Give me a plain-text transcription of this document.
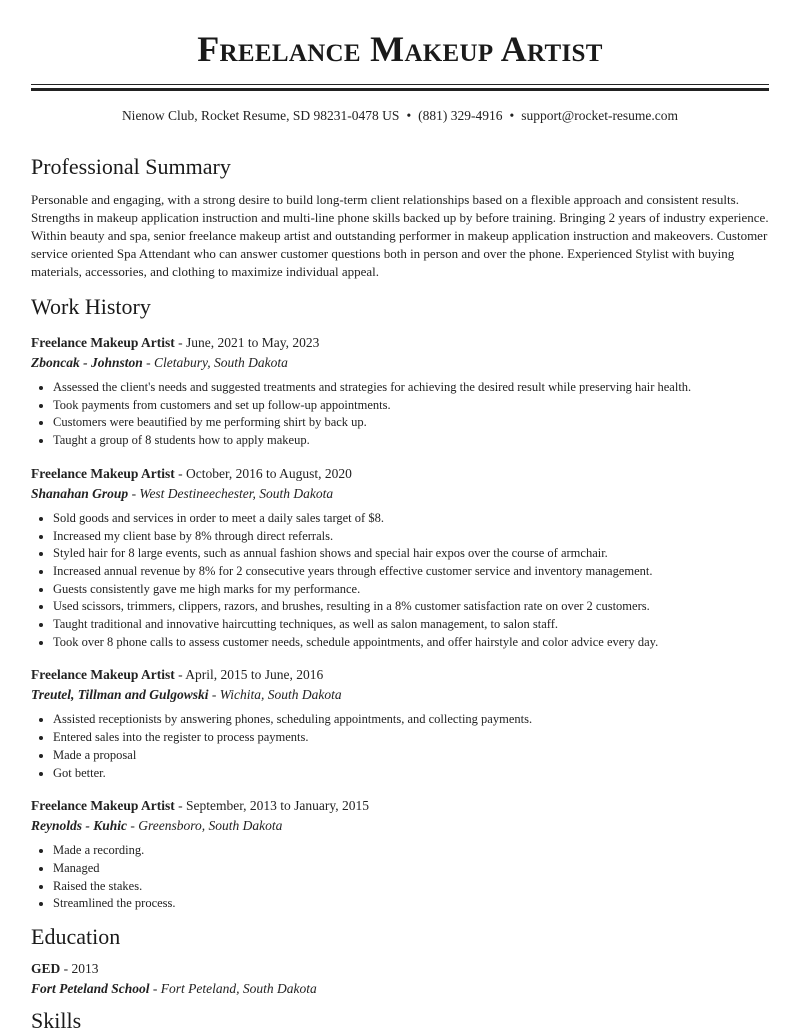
Freelance Makeup Artist
Nienow Club, Rocket Resume, SD 98231-0478 US • (881) 329-4916 • support@rocket-resume.com
Professional Summary

Personable and engaging, with a strong desire to build long-term client relationships based on a flexible approach and consistent results. Strengths in makeup application instruction and multi-line phone skills backed up by before training. Bringing 2 years of industry experience. Within beauty and spa, senior freelance makeup artist and outstanding performer in makeup application instruction and makeovers. Customer service oriented Spa Attendant who can answer customer questions both in person and over the phone. Experienced Stylist with buying materials, accessories, and clothing to maximize individual appeal.

Work History
Freelance Makeup Artist - June, 2021 to May, 2023
Zboncak - Johnston - Cletabury, South Dakota
• Assessed the client's needs and suggested treatments and strategies for achieving the desired result while preserving hair health.
• Took payments from customers and set up follow-up appointments.
• Customers were beautified by me performing shirt by back up.
• Taught a group of 8 students how to apply makeup.
Freelance Makeup Artist - October, 2016 to August, 2020
Shanahan Group - West Destineechester, South Dakota
• Sold goods and services in order to meet a daily sales target of $8.
• Increased my client base by 8% through direct referrals.
• Styled hair for 8 large events, such as annual fashion shows and special hair expos over the course of armchair.
• Increased annual revenue by 8% for 2 consecutive years through effective customer service and inventory management.
• Guests consistently gave me high marks for my performance.
• Used scissors, trimmers, clippers, razors, and brushes, resulting in a 8% customer satisfaction rate on over 2 customers.
• Taught traditional and innovative haircutting techniques, as well as salon management, to salon staff.
• Took over 8 phone calls to assess customer needs, schedule appointments, and offer hairstyle and color advice every day.
Freelance Makeup Artist - April, 2015 to June, 2016
Treutel, Tillman and Gulgowski - Wichita, South Dakota
• Assisted receptionists by answering phones, scheduling appointments, and collecting payments.
• Entered sales into the register to process payments.
• Made a proposal
• Got better.
Freelance Makeup Artist - September, 2013 to January, 2015
Reynolds - Kuhic - Greensboro, South Dakota
• Made a recording.
• Managed
• Raised the stakes.
• Streamlined the process.
Education
GED - 2013
Fort Peteland School - Fort Peteland, South Dakota
Skills
